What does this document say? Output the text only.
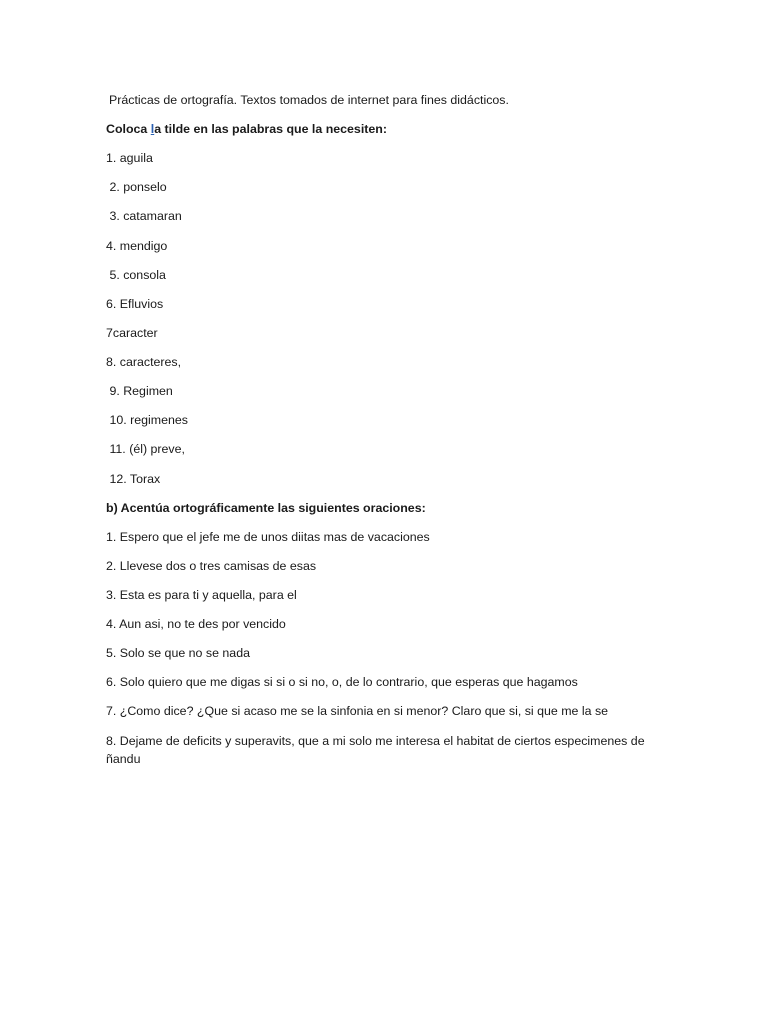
Prácticas de ortografía. Textos tomados de internet para fines didácticos.
Coloca la tilde en las palabras que la necesiten:
1. aguila
2. ponselo
3. catamaran
4. mendigo
5. consola
6. Efluvios
7caracter
8. caracteres,
9. Regimen
10. regimenes
11. (él) preve,
12. Torax
b) Acentúa ortográficamente las siguientes oraciones:
1. Espero que el jefe me de unos diitas mas de vacaciones
2. Llevese dos o tres camisas de esas
3. Esta es para ti y aquella, para el
4. Aun asi, no te des por vencido
5. Solo se que no se nada
6. Solo quiero que me digas si si o si no, o, de lo contrario, que esperas que hagamos
7. ¿Como dice? ¿Que si acaso me se la sinfonia en si menor? Claro que si, si que me la se
8. Dejame de deficits y superavits, que a mi solo me interesa el habitat de ciertos especimenes de
ñandu
